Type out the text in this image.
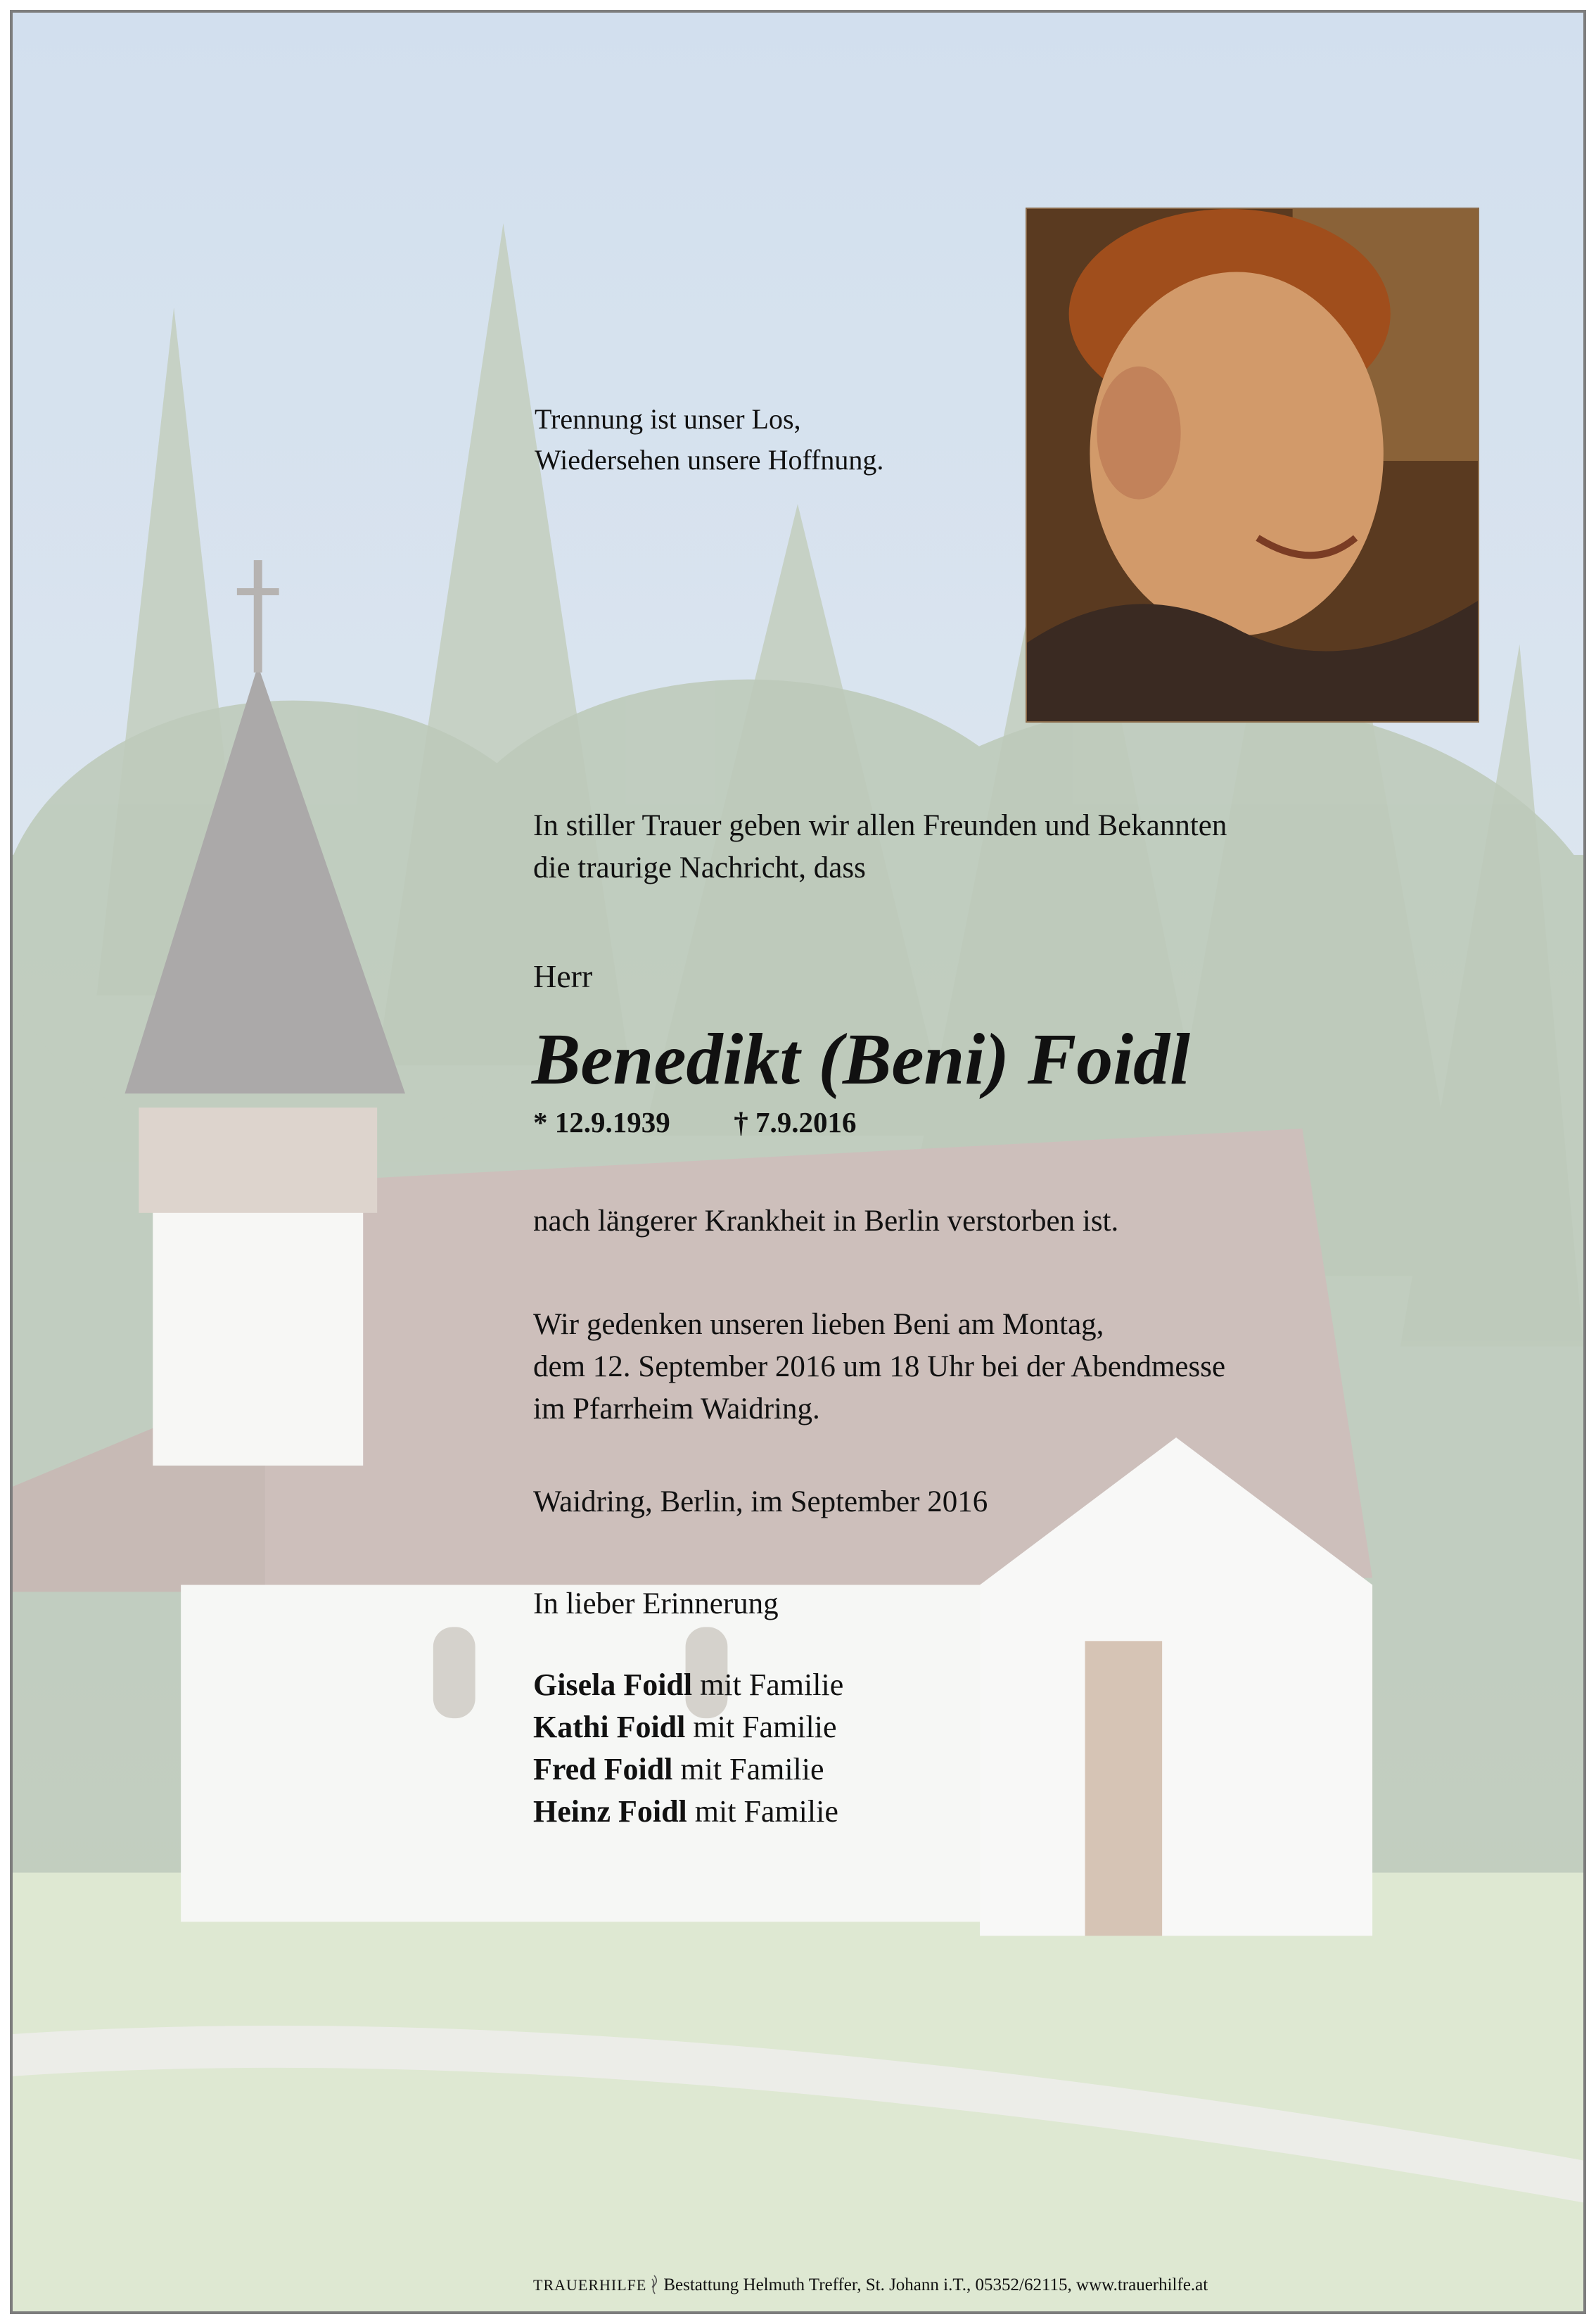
Trennung ist unser Los,
Wiedersehen unsere Hoffnung.
In stiller Trauer geben wir allen Freunden und Bekannten
die traurige Nachricht, dass
Herr
Benedikt (Beni) Foidl
* 12.9.1939 † 7.9.2016
nach längerer Krankheit in Berlin verstorben ist.
Wir gedenken unseren lieben Beni am Montag,
dem 12. September 2016 um 18 Uhr bei der Abendmesse
im Pfarrheim Waidring.
Waidring, Berlin, im September 2016
In lieber Erinnerung
Gisela Foidl mit Familie
Kathi Foidl mit Familie
Fred Foidl mit Familie
Heinz Foidl mit Familie
TRAUERHILFE Bestattung Helmuth Treffer, St. Johann i.T., 05352/62115, www.trauerhilfe.at
